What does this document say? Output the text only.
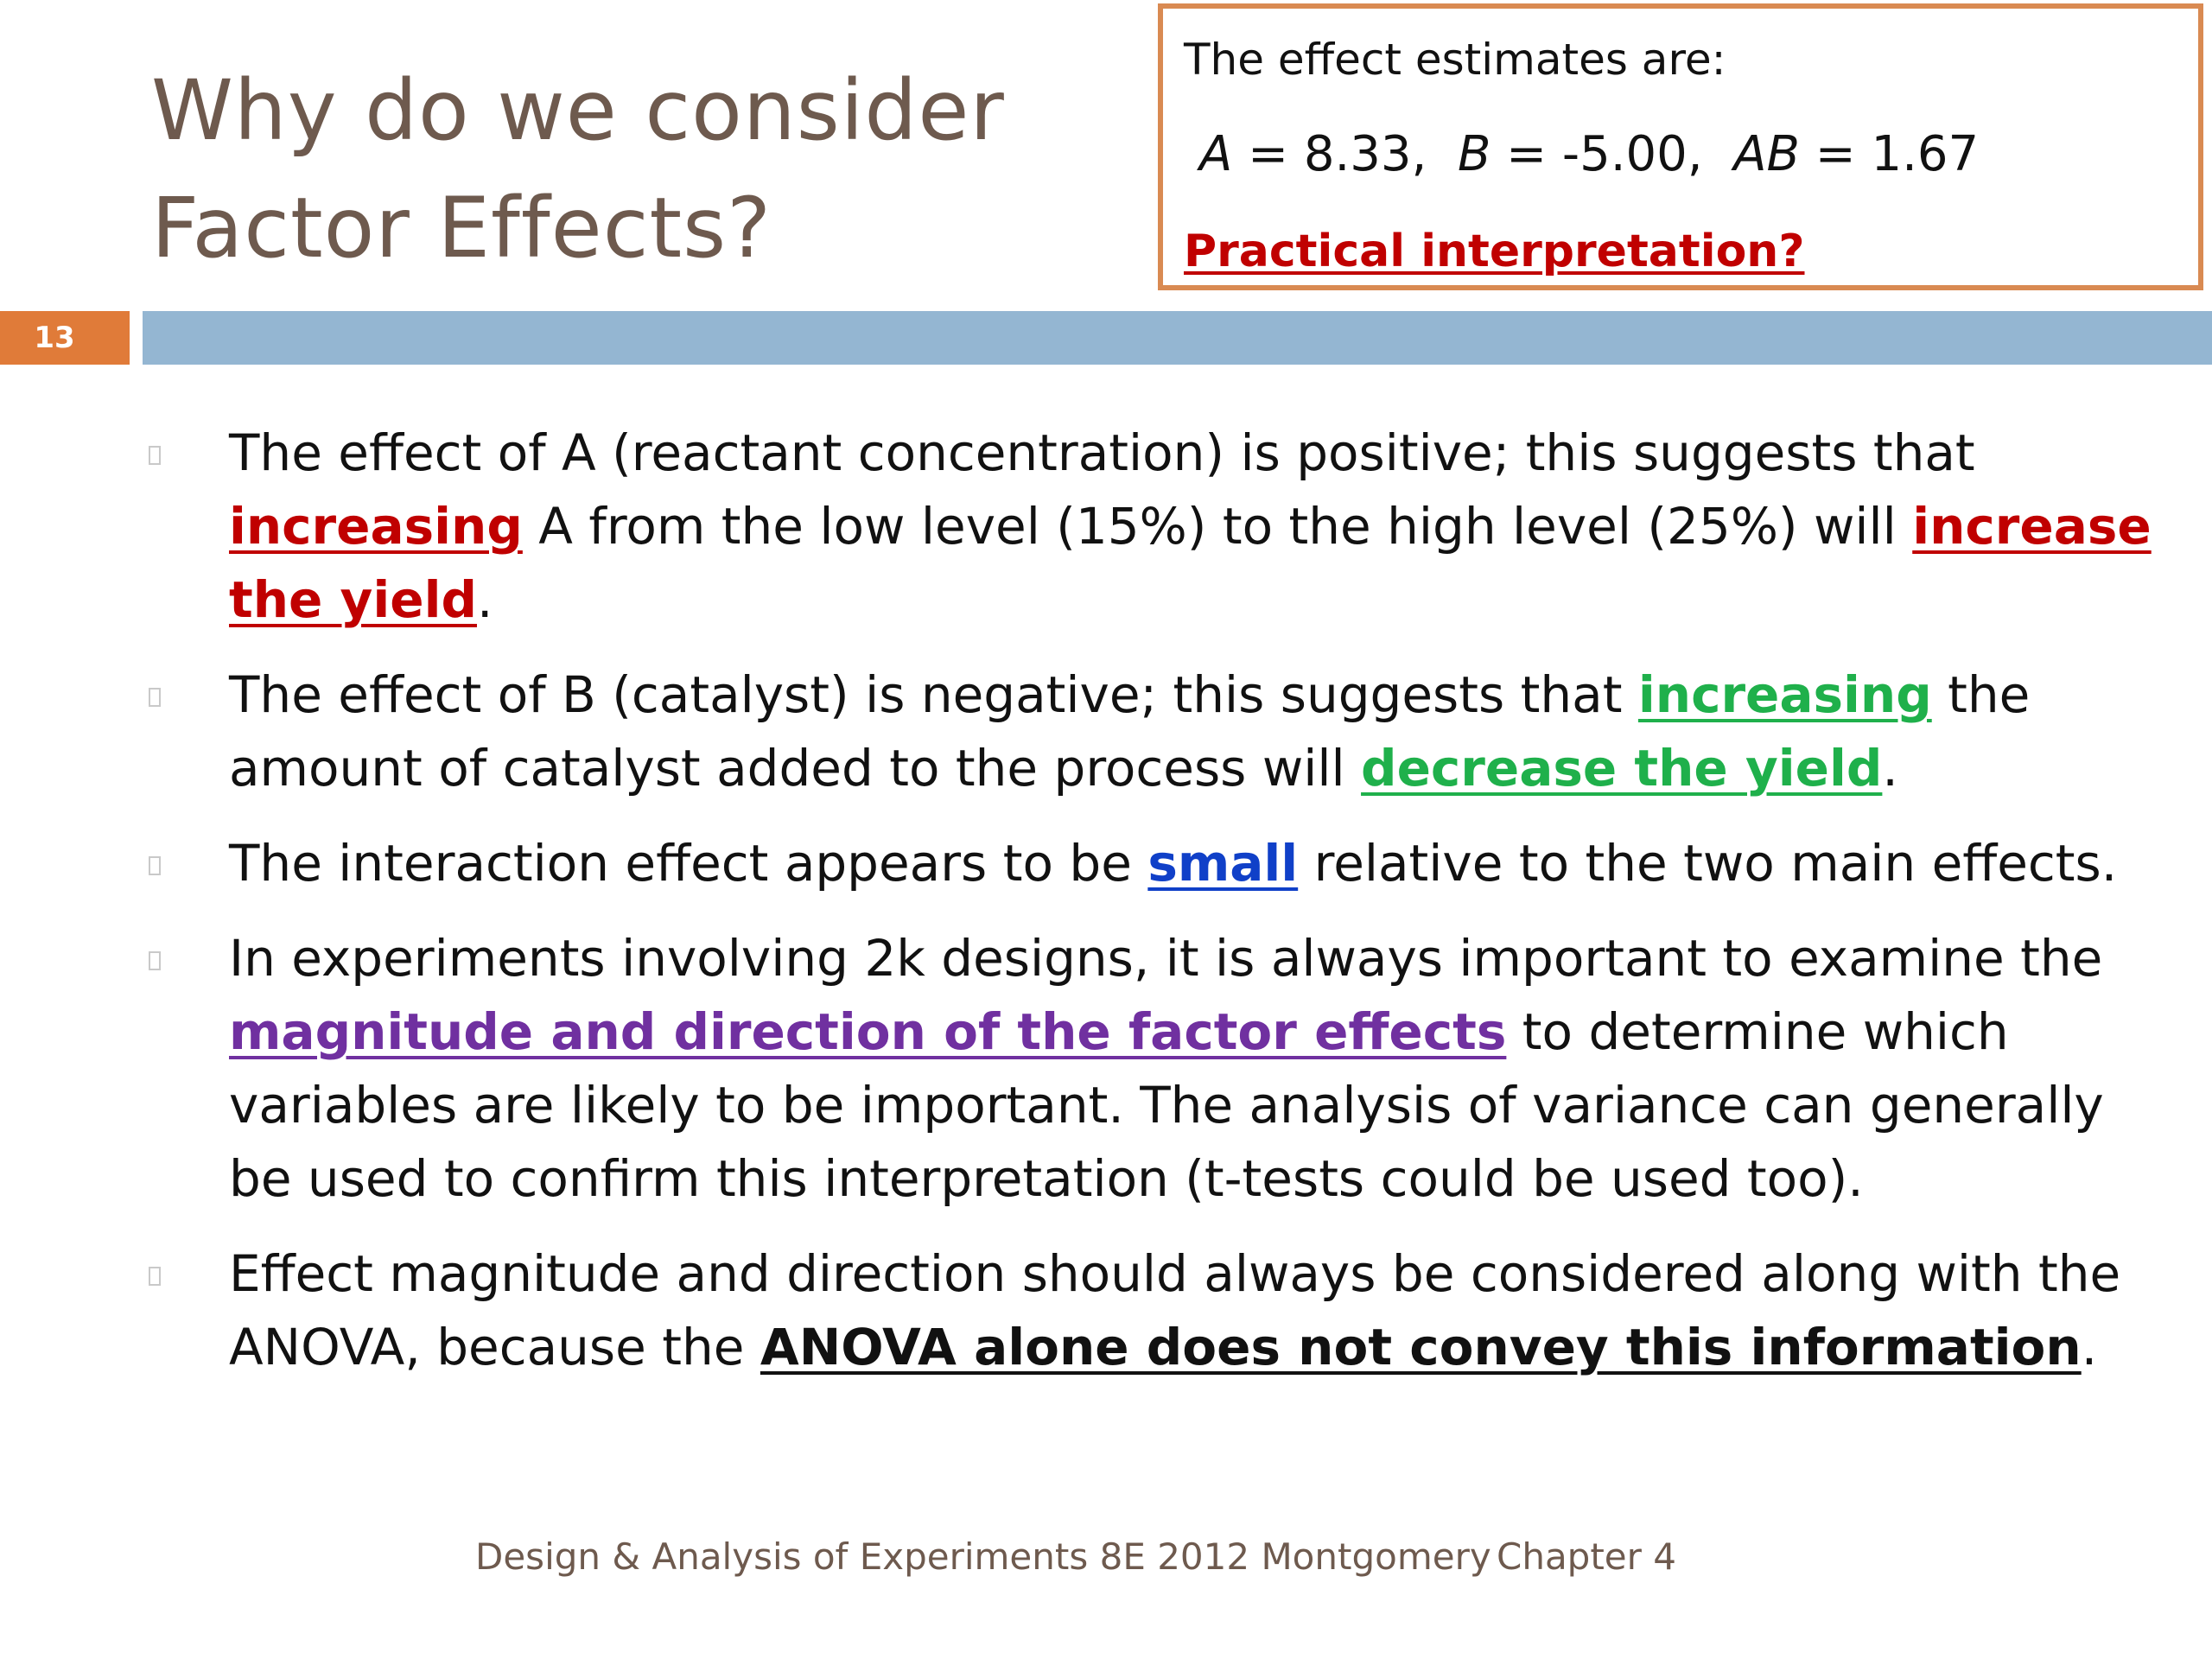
Why do we consider
Factor Effects?
The effect estimates are:
A = 8.33,  B = -5.00,  AB = 1.67
Practical interpretation?
13
The effect of A (reactant concentration) is positive; this suggests that increasing A from the low level (15%) to the high level (25%) will increase the yield.
The effect of B (catalyst) is negative; this suggests that increasing the amount of catalyst added to the process will decrease the yield.
The interaction effect appears to be small relative to the two main effects.
In experiments involving 2k designs, it is always important to examine the magnitude and direction of the factor effects to determine which variables are likely to be important. The analysis of variance can generally be used to confirm this interpretation (t-tests could be used too).
Effect magnitude and direction should always be considered along with the ANOVA, because the ANOVA alone does not convey this information.
Design & Analysis of Experiments 8E 2012 Montgomery Chapter 4
